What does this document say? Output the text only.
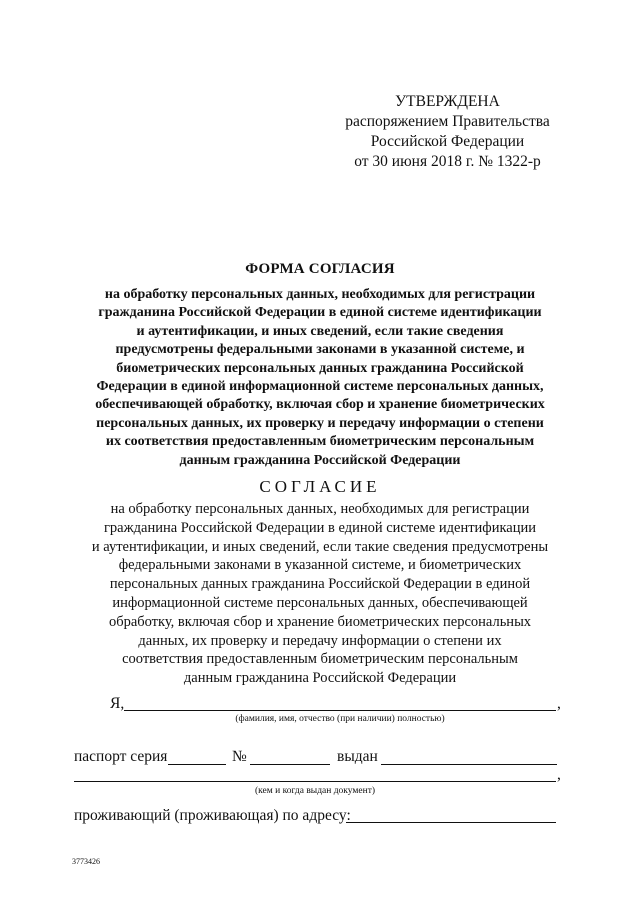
УТВЕРЖДЕНА
распоряжением Правительства
Российской Федерации
от 30 июня 2018 г. № 1322-р
ФОРМА СОГЛАСИЯ
на обработку персональных данных, необходимых для регистрации
гражданина Российской Федерации в единой системе идентификации
и аутентификации, и иных сведений, если такие сведения
предусмотрены федеральными законами в указанной системе, и
биометрических персональных данных гражданина Российской
Федерации в единой информационной системе персональных данных,
обеспечивающей обработку, включая сбор и хранение биометрических
персональных данных, их проверку и передачу информации о степени
их соответствия предоставленным биометрическим персональным
данным гражданина Российской Федерации
СОГЛАСИЕ
на обработку персональных данных, необходимых для регистрации
гражданина Российской Федерации в единой системе идентификации
и аутентификации, и иных сведений, если такие сведения предусмотрены
федеральными законами в указанной системе, и биометрических
персональных данных гражданина Российской Федерации в единой
информационной системе персональных данных, обеспечивающей
обработку, включая сбор и хранение биометрических персональных
данных, их проверку и передачу информации о степени их
соответствия предоставленным биометрическим персональным
данным гражданина Российской Федерации
Я,	,
(фамилия, имя, отчество (при наличии) полностью)
паспорт серия	№	выдан
,
(кем и когда выдан документ)
проживающий (проживающая) по адресу:
3773426
